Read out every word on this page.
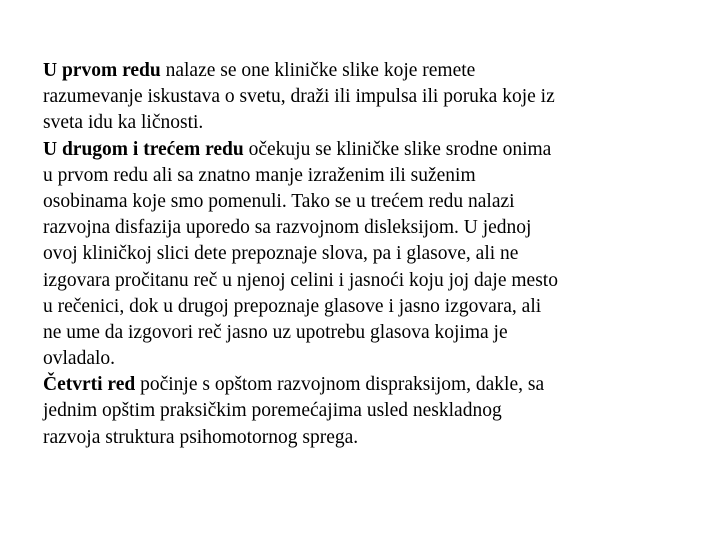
U prvom redu nalaze se one kliničke slike koje remete
razumevanje iskustava o svetu, draži ili impulsa ili poruka koje iz
sveta idu ka ličnosti.
U drugom i trećem redu očekuju se kliničke slike srodne onima
u prvom redu ali sa znatno manje izraženim ili suženim
osobinama koje smo pomenuli. Tako se u trećem redu nalazi
razvojna disfazija uporedo sa razvojnom disleksijom. U jednoj
ovoj kliničkoj slici dete prepoznaje slova, pa i glasove, ali ne
izgovara pročitanu reč u njenoj celini i jasnoći koju joj daje mesto
u rečenici, dok u drugoj prepoznaje glasove i jasno izgovara, ali
ne ume da izgovori reč jasno uz upotrebu glasova kojima je
ovladalo.
Četvrti red počinje s opštom razvojnom dispraksijom, dakle, sa
jednim opštim praksičkim poremećajima usled neskladnog
razvoja struktura psihomotornog sprega.
